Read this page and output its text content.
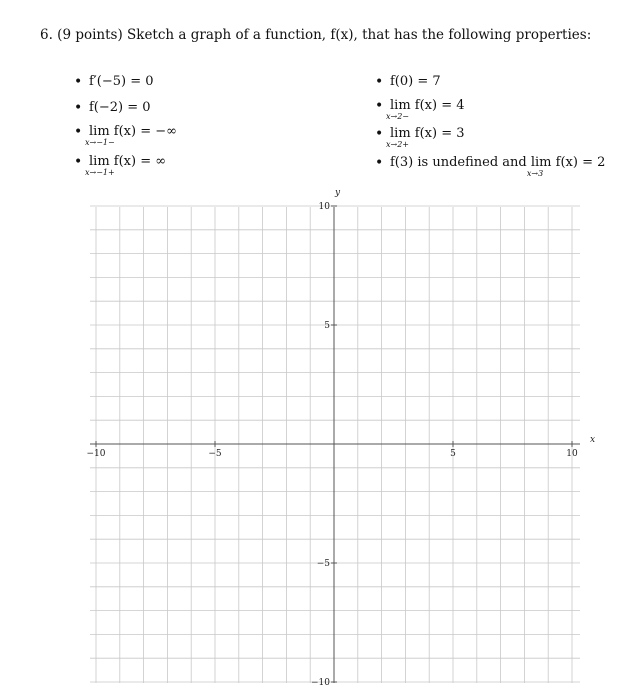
6. (9 points) Sketch a graph of a function, f(x), that has the following properties:
• f′(−5) = 0
• f(−2) = 0
• lim
x→−1−
f(x) = −∞
• lim
x→−1+
f(x) = ∞
• f(0) = 7
• lim
x→2−
f(x) = 4
• lim
x→2+
f(x) = 3
• f(3) is undefined and lim
x→3
f(x) = 2
−10	−5	5	10
10
5
−5
−10
x
y
